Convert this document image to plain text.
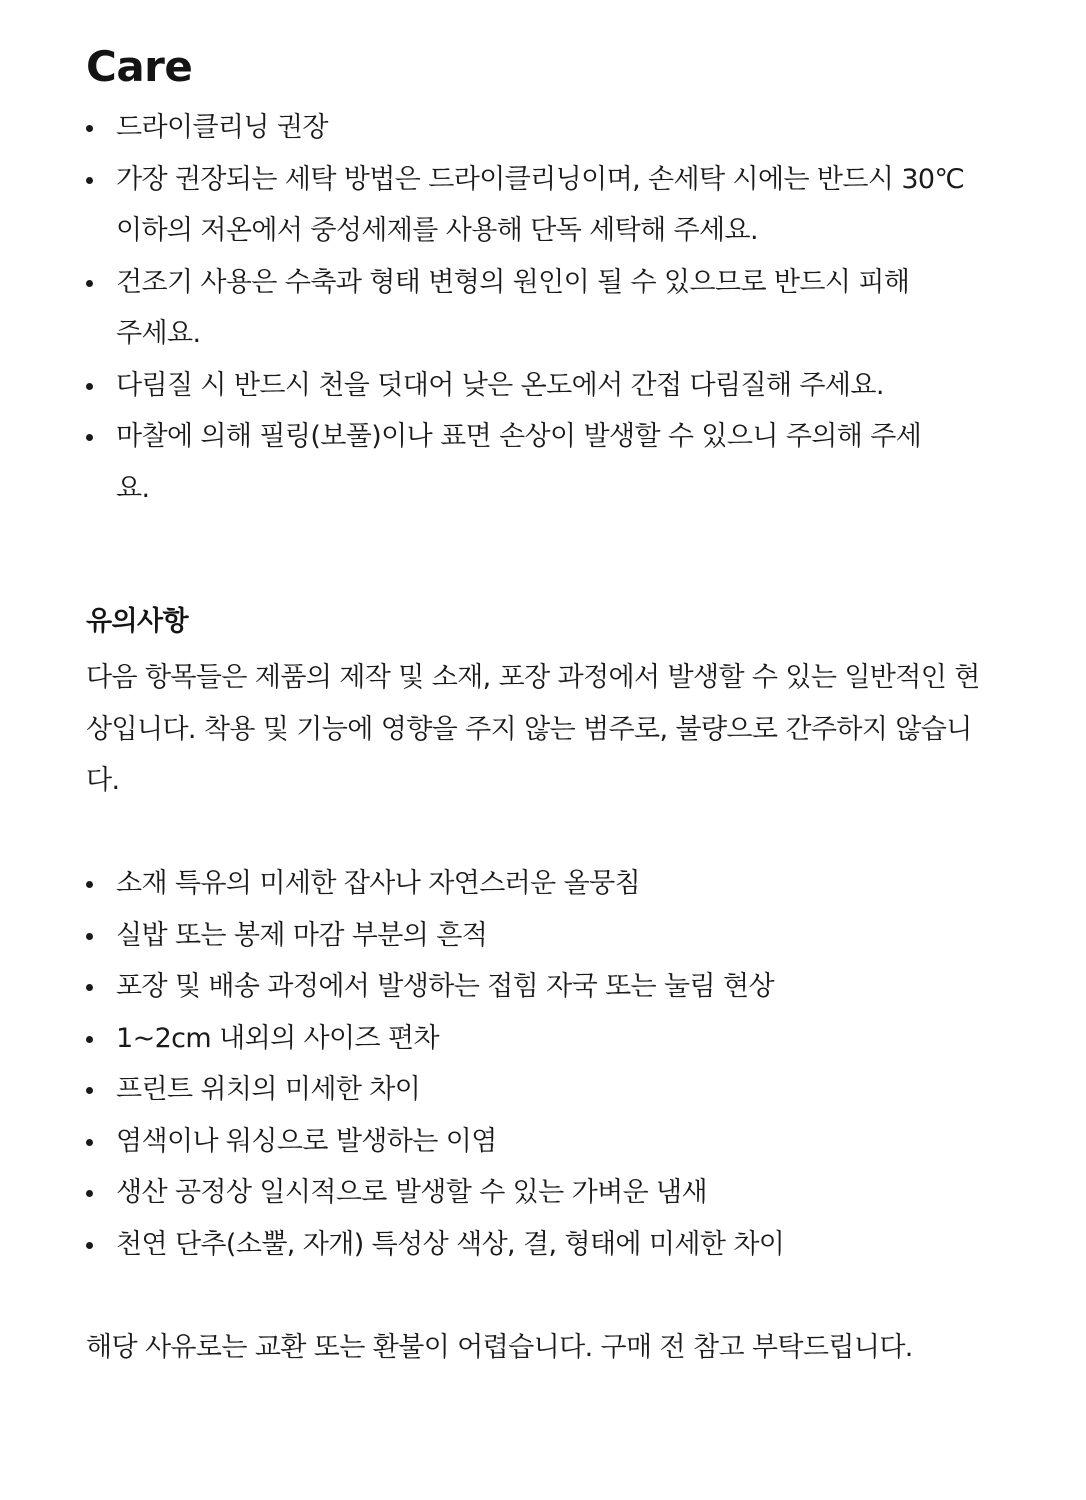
Care
드라이클리닝 권장
가장 권장되는 세탁 방법은 드라이클리닝이며, 손세탁 시에는 반드시 30℃ 이하의 저온에서 중성세제를 사용해 단독 세탁해 주세요.
건조기 사용은 수축과 형태 변형의 원인이 될 수 있으므로 반드시 피해주세요.
다림질 시 반드시 천을 덧대어 낮은 온도에서 간접 다림질해 주세요.
마찰에 의해 필링(보풀)이나 표면 손상이 발생할 수 있으니 주의해 주세요.
유의사항

다음 항목들은 제품의 제작 및 소재, 포장 과정에서 발생할 수 있는 일반적인 현상입니다. 착용 및 기능에 영향을 주지 않는 범주로, 불량으로 간주하지 않습니다.

소재 특유의 미세한 잡사나 자연스러운 올뭉침
실밥 또는 봉제 마감 부분의 흔적
포장 및 배송 과정에서 발생하는 접힘 자국 또는 눌림 현상
1~2cm 내외의 사이즈 편차
프린트 위치의 미세한 차이
염색이나 워싱으로 발생하는 이염
생산 공정상 일시적으로 발생할 수 있는 가벼운 냄새
천연 단추(소뿔, 자개) 특성상 색상, 결, 형태에 미세한 차이

해당 사유로는 교환 또는 환불이 어렵습니다. 구매 전 참고 부탁드립니다.
